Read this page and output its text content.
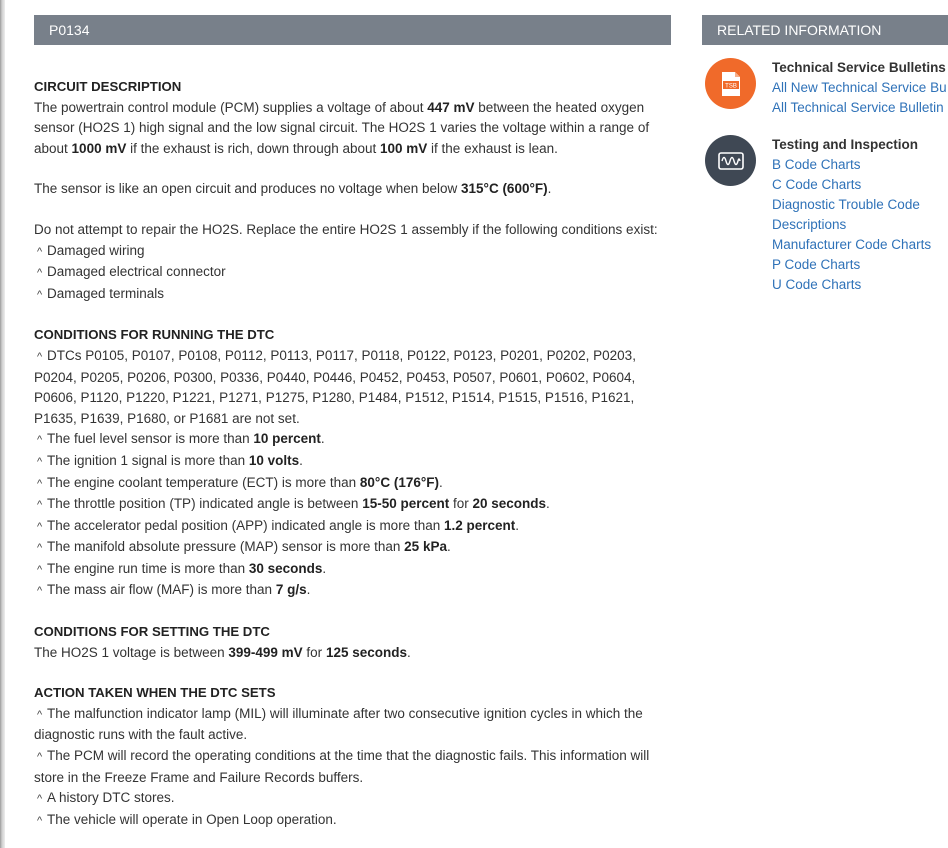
P0134
CIRCUIT DESCRIPTION
The powertrain control module (PCM) supplies a voltage of about 447 mV between the heated oxygen sensor (HO2S 1) high signal and the low signal circuit. The HO2S 1 varies the voltage within a range of about 1000 mV if the exhaust is rich, down through about 100 mV if the exhaust is lean.
The sensor is like an open circuit and produces no voltage when below 315°C (600°F).
Do not attempt to repair the HO2S. Replace the entire HO2S 1 assembly if the following conditions exist:
^ Damaged wiring
^ Damaged electrical connector
^ Damaged terminals
CONDITIONS FOR RUNNING THE DTC
^ DTCs P0105, P0107, P0108, P0112, P0113, P0117, P0118, P0122, P0123, P0201, P0202, P0203, P0204, P0205, P0206, P0300, P0336, P0440, P0446, P0452, P0453, P0507, P0601, P0602, P0604, P0606, P1120, P1220, P1221, P1271, P1275, P1280, P1484, P1512, P1514, P1515, P1516, P1621, P1635, P1639, P1680, or P1681 are not set.
^ The fuel level sensor is more than 10 percent.
^ The ignition 1 signal is more than 10 volts.
^ The engine coolant temperature (ECT) is more than 80°C (176°F).
^ The throttle position (TP) indicated angle is between 15-50 percent for 20 seconds.
^ The accelerator pedal position (APP) indicated angle is more than 1.2 percent.
^ The manifold absolute pressure (MAP) sensor is more than 25 kPa.
^ The engine run time is more than 30 seconds.
^ The mass air flow (MAF) is more than 7 g/s.
CONDITIONS FOR SETTING THE DTC
The HO2S 1 voltage is between 399-499 mV for 125 seconds.
ACTION TAKEN WHEN THE DTC SETS
^ The malfunction indicator lamp (MIL) will illuminate after two consecutive ignition cycles in which the diagnostic runs with the fault active.
^ The PCM will record the operating conditions at the time that the diagnostic fails. This information will store in the Freeze Frame and Failure Records buffers.
^ A history DTC stores.
^ The vehicle will operate in Open Loop operation.
RELATED INFORMATION
TSB
Technical Service Bulletins
All New Technical Service Bu
All Technical Service Bulletin
Testing and Inspection
B Code Charts
C Code Charts
Diagnostic Trouble Code Descriptions
Manufacturer Code Charts
P Code Charts
U Code Charts
